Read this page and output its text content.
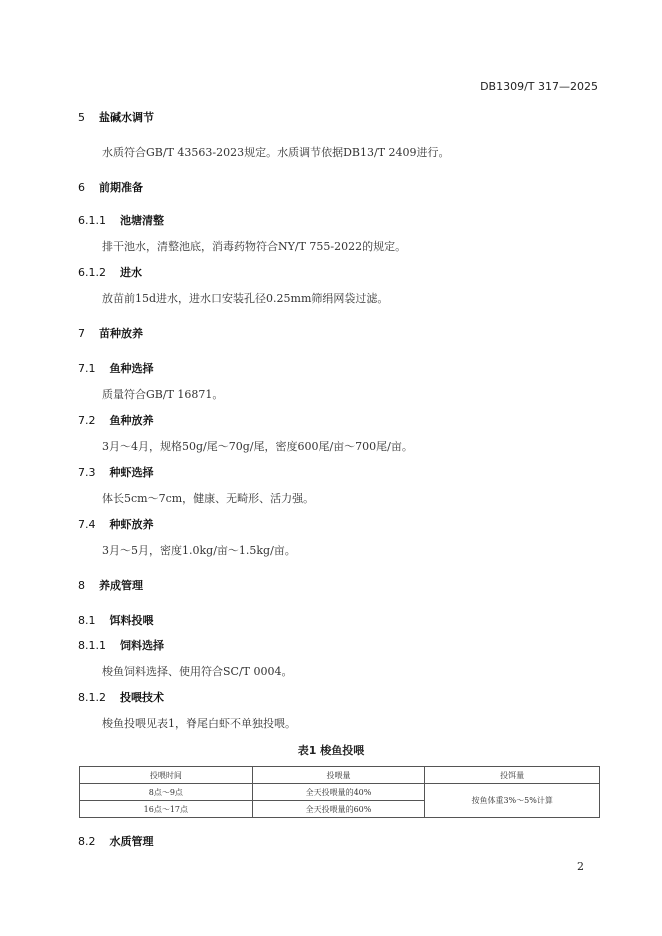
DB1309/T 317—2025
5 盐碱水调节
水质符合GB/T 43563-2023规定。水质调节依据DB13/T 2409进行。
6 前期准备
6.1.1 池塘清整
排干池水，清整池底，消毒药物符合NY/T 755-2022的规定。
6.1.2 进水
放苗前15d进水，进水口安装孔径0.25mm筛绢网袋过滤。
7 苗种放养
7.1 鱼种选择
质量符合GB/T 16871。
7.2 鱼种放养
3月～4月，规格50g/尾～70g/尾，密度600尾/亩～700尾/亩。
7.3 种虾选择
体长5cm～7cm，健康、无畸形、活力强。
7.4 种虾放养
3月～5月，密度1.0kg/亩～1.5kg/亩。
8 养成管理
8.1 饵料投喂
8.1.1 饲料选择
梭鱼饲料选择、使用符合SC/T 0004。
8.1.2 投喂技术
梭鱼投喂见表1，脊尾白虾不单独投喂。
表1 梭鱼投喂
投喂时间	投喂量	投饵量
8点～9点	全天投喂量的40%	按鱼体重3%～5%计算
16点～17点	全天投喂量的60%	
8.2 水质管理
2
